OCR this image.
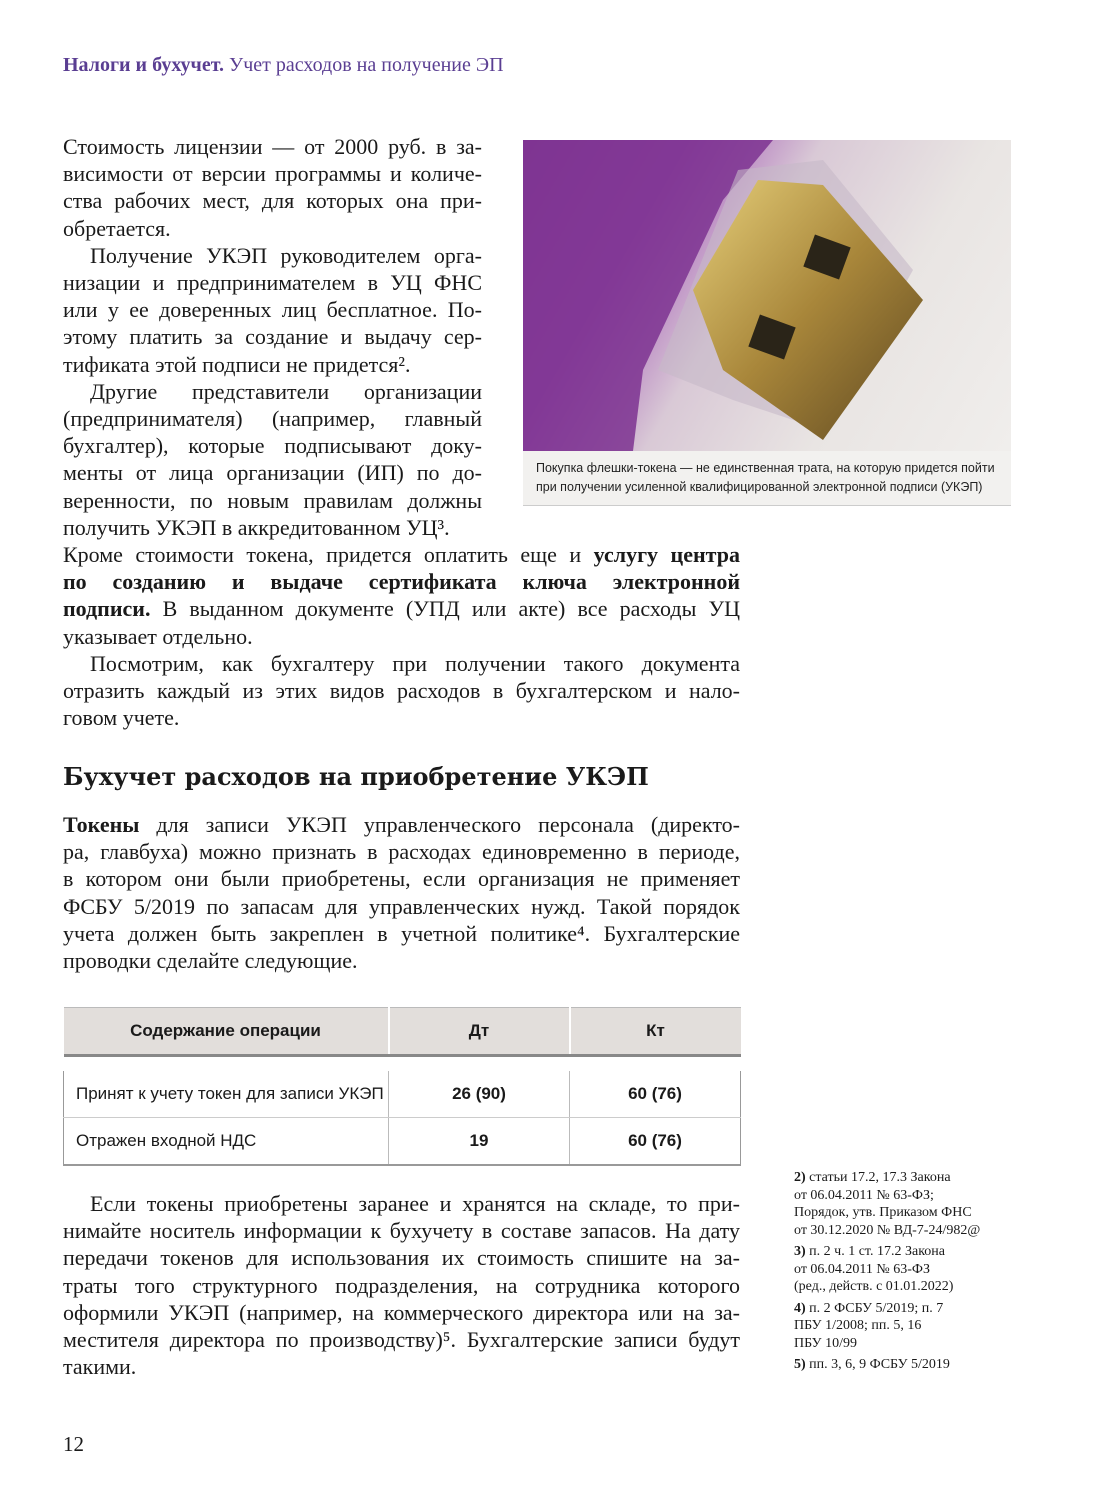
Налоги и бухучет. Учет расходов на получение ЭП
Стоимость лицензии — от 2000 руб. в за-
висимости от версии программы и количе-
ства рабочих мест, для которых она при-
обретается.
Получение УКЭП руководителем орга-
низации и предпринимателем в УЦ ФНС
или у ее доверенных лиц бесплатное. По-
этому платить за создание и выдачу сер-
тификата этой подписи не придется².
Другие представители организации
(предпринимателя) (например, главный
бухгалтер), которые подписывают доку-
менты от лица организации (ИП) по до-
веренности, по новым правилам должны
получить УКЭП в аккредитованном УЦ³.
Покупка флешки-токена — не единственная трата, на которую придется пойти
при получении усиленной квалифицированной электронной подписи (УКЭП)
Кроме стоимости токена, придется оплатить еще и услугу центра
по созданию и выдаче сертификата ключа электронной
подписи. В выданном документе (УПД или акте) все расходы УЦ
указывает отдельно.
Посмотрим, как бухгалтеру при получении такого документа
отразить каждый из этих видов расходов в бухгалтерском и нало-
говом учете.
Бухучет расходов на приобретение УКЭП
Токены для записи УКЭП управленческого персонала (директо-
ра, главбуха) можно признать в расходах единовременно в периоде,
в котором они были приобретены, если организация не применяет
ФСБУ 5/2019 по запасам для управленческих нужд. Такой порядок
учета должен быть закреплен в учетной политике⁴. Бухгалтерские
проводки сделайте следующие.
Содержание операции	Дт	Кт

Принят к учету токен для записи УКЭП	26 (90)	60 (76)
Отражен входной НДС	19	60 (76)
Если токены приобретены заранее и хранятся на складе, то при-
нимайте носитель информации к бухучету в составе запасов. На дату
передачи токенов для использования их стоимость спишите на за-
траты того структурного подразделения, на сотрудника которого
оформили УКЭП (например, на коммерческого директора или на за-
местителя директора по производству)⁵. Бухгалтерские записи будут
такими.
2) статьи 17.2, 17.3 Закона
от 06.04.2011 № 63-ФЗ;
Порядок, утв. Приказом ФНС
от 30.12.2020 № ВД-7-24/982@
3) п. 2 ч. 1 ст. 17.2 Закона
от 06.04.2011 № 63-ФЗ
(ред., действ. с 01.01.2022)
4) п. 2 ФСБУ 5/2019; п. 7
ПБУ 1/2008; пп. 5, 16
ПБУ 10/99
5) пп. 3, 6, 9 ФСБУ 5/2019
12
